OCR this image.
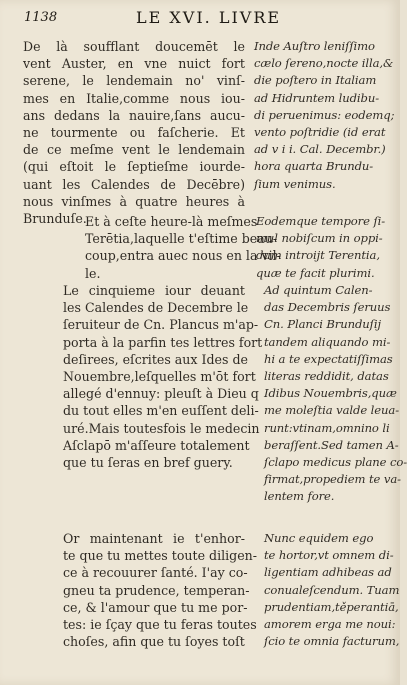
1138	LE XVI. LIVRE
De là soufflant doucemēt le
vent Auster, en vne nuict fort
serene, le lendemain no' vinſ-
mes en Italie,comme nous iou-
ans dedans la nauire,ſans aucu-
ne tourmente ou faſcherie. Et
de ce meſme vent le lendemain
(qui eſtoit le ſeptieſme iourde-
uant les Calendes de Decēbre)
nous vinſmes à quatre heures à
Brunduſe.
Et à ceſte heure-là meſmes
Terētia,laquelle t'eſtime beau-
coup,entra auec nous en la vil-
le.
Le cinquieme iour deuant
les Calendes de Decembre le
ſeruiteur de Cn. Plancus m'ap-
porta à la parfin tes lettres fort
deſirees, eſcrites aux Ides de
Nouembre,leſquelles m'ōt fort
allegé d'ennuy: pleuſt à Dieu q
du tout elles m'en euſſent deli-
uré.Mais toutesfois le medecin
Aſclapō m'aſſeure totalement
que tu ſeras en bref guery.
Or maintenant ie t'enhor-
te que tu mettes toute diligen-
ce à recouurer ſanté. I'ay co-
gneu ta prudence, temperan-
ce, & l'amour que tu me por-
tes: ie ſçay que tu feras toutes
choſes, afin que tu ſoyes toſt
Inde Auſtro leniſſimo
cælo ſereno,nocte illa,&
die poſtero in Italiam
ad Hidruntem ludibu-
di peruenimus: eodemq;
vento poſtridie (id erat
ad v i i. Cal. Decembr.)
hora quarta Brundu-
ſium venimus.
Eodemque tempore ſi-
mul nobiſcum in oppi-
dum introijt Terentia,
quæ te facit plurimi.
Ad quintum Calen-
das Decembris ſeruus
Cn. Planci Brunduſij
tandem aliquando mi-
hi a te expectatiſſimas
literas reddidit, datas
Idibus Nouembris,quæ
me moleſtia valde leua-
runt:vtinam,omnino li
beraſſent.Sed tamen A-
ſclapo medicus plane co-
firmat,propediem te va-
lentem fore.
Nunc equidem ego
te hortor,vt omnem di-
ligentiam adhibeas ad
conualeſcendum. Tuam
prudentiam,těperantiā,
amorem erga me noui:
ſcio te omnia facturum,
